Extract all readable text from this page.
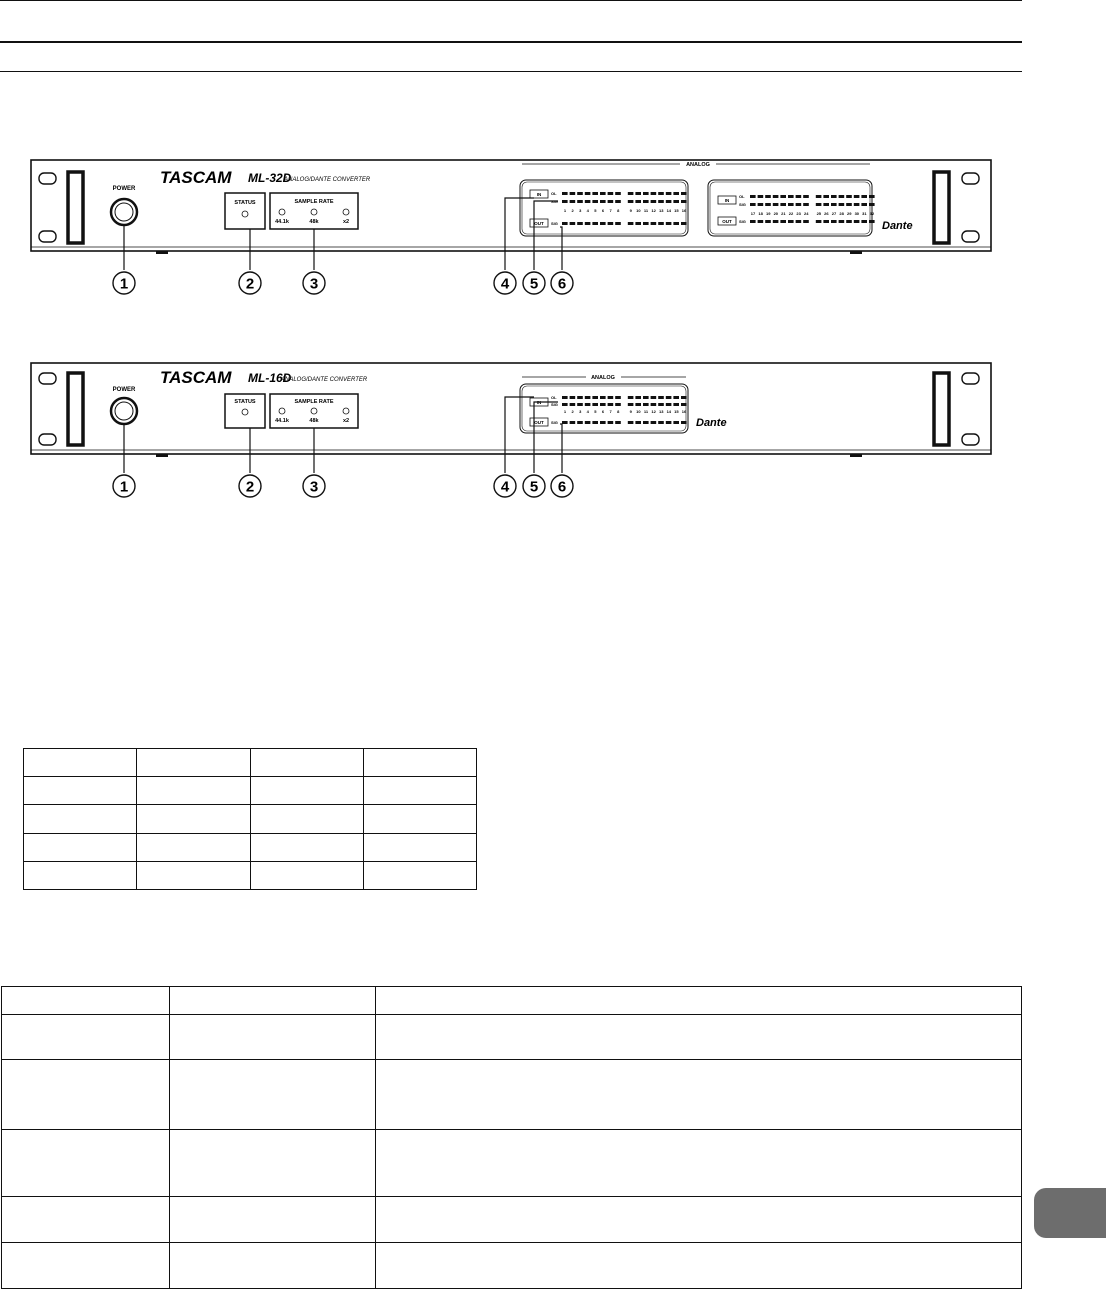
POWER
TASCAM ML-32D
ANALOG/DANTE CONVERTER
STATUS	SAMPLE RATE
44.1k	48k	x2
ANALOG
Dante
IN OL
SIG
1 2 3 4 5 6 7 8	9 10 11 12 13 14 15 16
OUT SIG
IN
OL
SIG
17 18 19 20 21 22 23 24 25 26 27 28 29 30 31 32
OUT SIG
1	2	3	4 5 6
POWER
TASCAM ML-16D
ANALOG/DANTE CONVERTER
STATUS	SAMPLE RATE
44.1k	48k	x2
ANALOG
Dante
IN
OL
SIG
1 2 3 4 5 6 7 8	9 10 11 12 13 14 15 16
OUT SIG
1	2	3	4 5 6
